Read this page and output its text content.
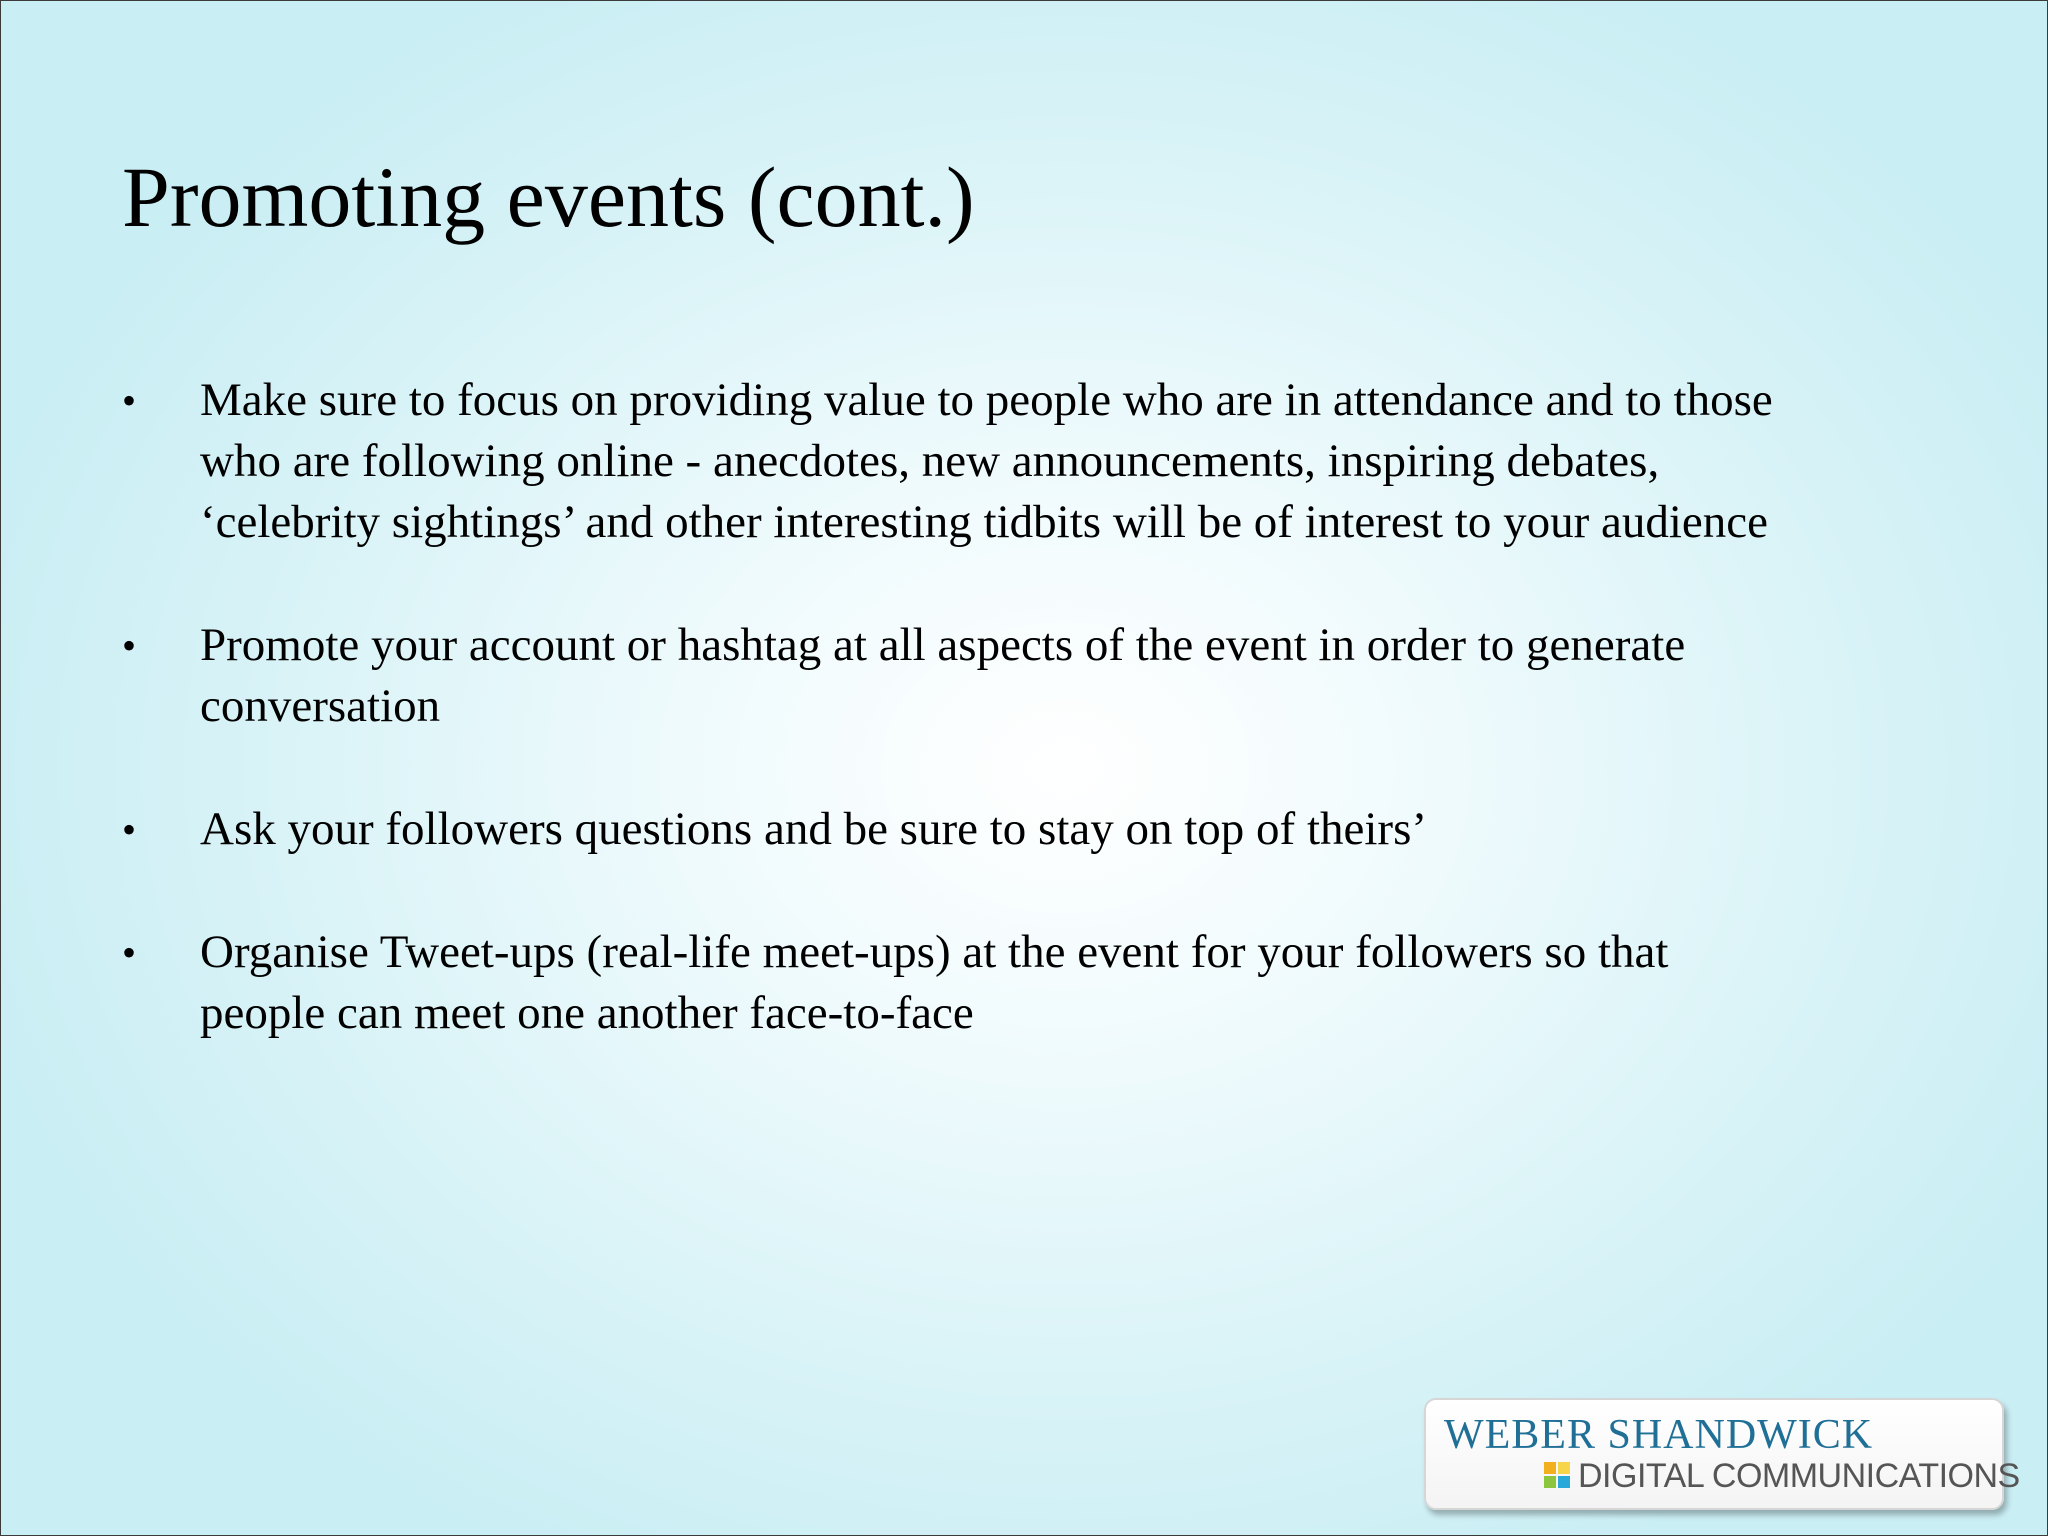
Promoting events (cont.)
• Make sure to focus on providing value to people who are in attendance and to those
who are following online - anecdotes, new announcements, inspiring debates,
‘celebrity sightings’ and other interesting tidbits will be of interest to your audience
• Promote your account or hashtag at all aspects of the event in order to generate
conversation
• Ask your followers questions and be sure to stay on top of theirs’
• Organise Tweet-ups (real-life meet-ups) at the event for your followers so that
people can meet one another face-to-face
WEBER SHANDWICK
DIGITAL COMMUNICATIONS
